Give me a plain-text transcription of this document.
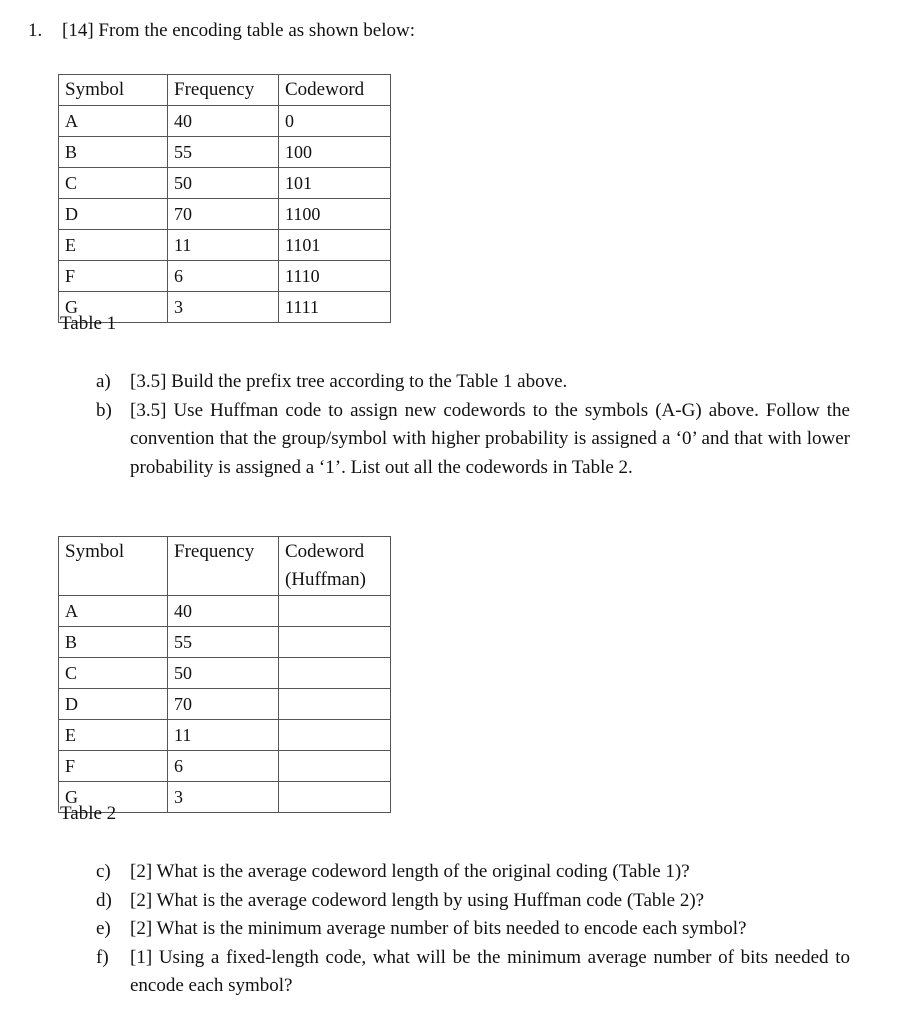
1. [14] From the encoding table as shown below:
Symbol	Frequency	Codeword
A	40	0
B	55	100
C	50	101
D	70	1100
E	11	1101
F	6	1110
G	3	1111
Table 1
a)	[3.5] Build the prefix tree according to the Table 1 above.
b) [3.5] Use Huffman code to assign new codewords to the symbols (A-G) above. Follow the convention that the group/symbol with higher probability is assigned a ‘0’ and that with lower probability is assigned a ‘1’. List out all the codewords in Table 2.
Symbol	Frequency	Codeword (Huffman)
A	40	
B	55	
C	50	
D	70	
E	11	
F	6	
G	3	
Table 2
c)	[2] What is the average codeword length of the original coding (Table 1)?
d) [2] What is the average codeword length by using Huffman code (Table 2)?
e)	[2] What is the minimum average number of bits needed to encode each symbol?
f)	[1] Using a fixed-length code, what will be the minimum average number of bits needed to encode each symbol?
